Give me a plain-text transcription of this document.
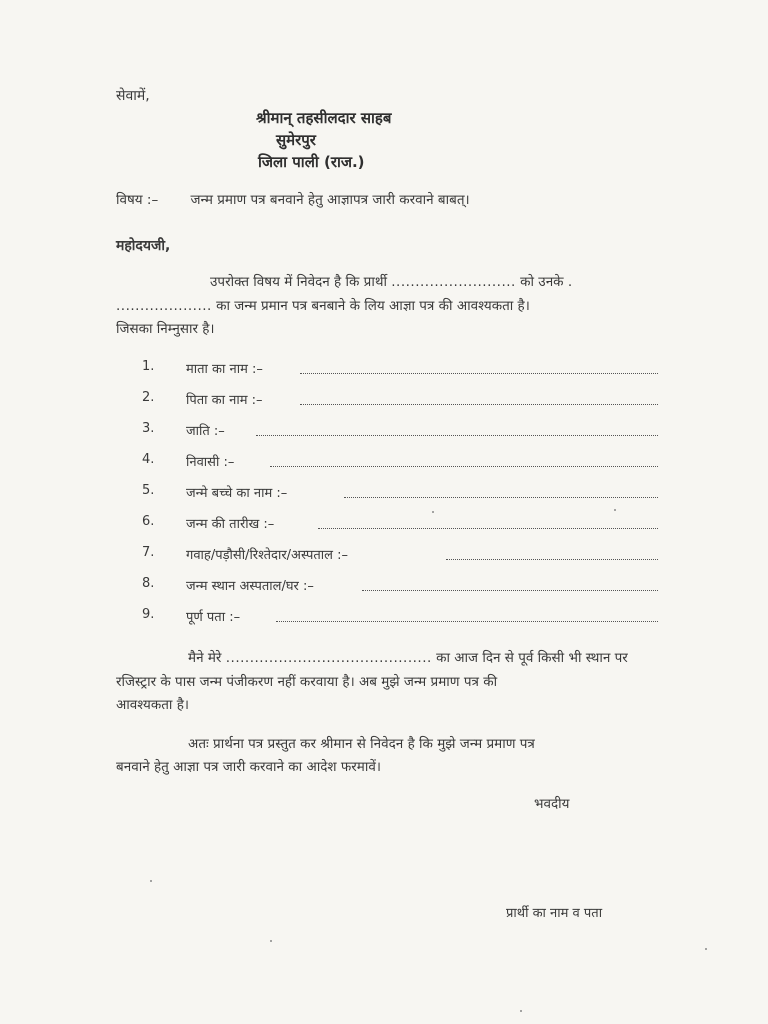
सेवामें,
श्रीमान् तहसीलदार साहब
सुमेरपुर
जिला पाली (राज.)
विषय :– जन्म प्रमाण पत्र बनवाने हेतु आज्ञापत्र जारी करवाने बाबत्।
महोदयजी,
उपरोक्त विषय में निवेदन है कि प्रार्थी .......................... को उनके .
.................... का जन्म प्रमान पत्र बनबाने के लिय आज्ञा पत्र की आवश्यकता है।
जिसका निम्नुसार है।
1. माता का नाम :–
2. पिता का नाम :–
3. जाति :–
4. निवासी :–
5. जन्मे बच्चे का नाम :–
6. जन्म की तारीख :–
7. गवाह/पड़ौसी/रिश्तेदार/अस्पताल :–
8. जन्म स्थान अस्पताल/घर :–
9. पूर्ण पता :–
मैने मेरे ........................................... का आज दिन से पूर्व किसी भी स्थान पर
रजिस्ट्रार के पास जन्म पंजीकरण नहीं करवाया है। अब मुझे जन्म प्रमाण पत्र की
आवश्यकता है।
अतः प्रार्थना पत्र प्रस्तुत कर श्रीमान से निवेदन है कि मुझे जन्म प्रमाण पत्र
बनवाने हेतु आज्ञा पत्र जारी करवाने का आदेश फरमावें।
भवदीय
प्रार्थी का नाम व पता
